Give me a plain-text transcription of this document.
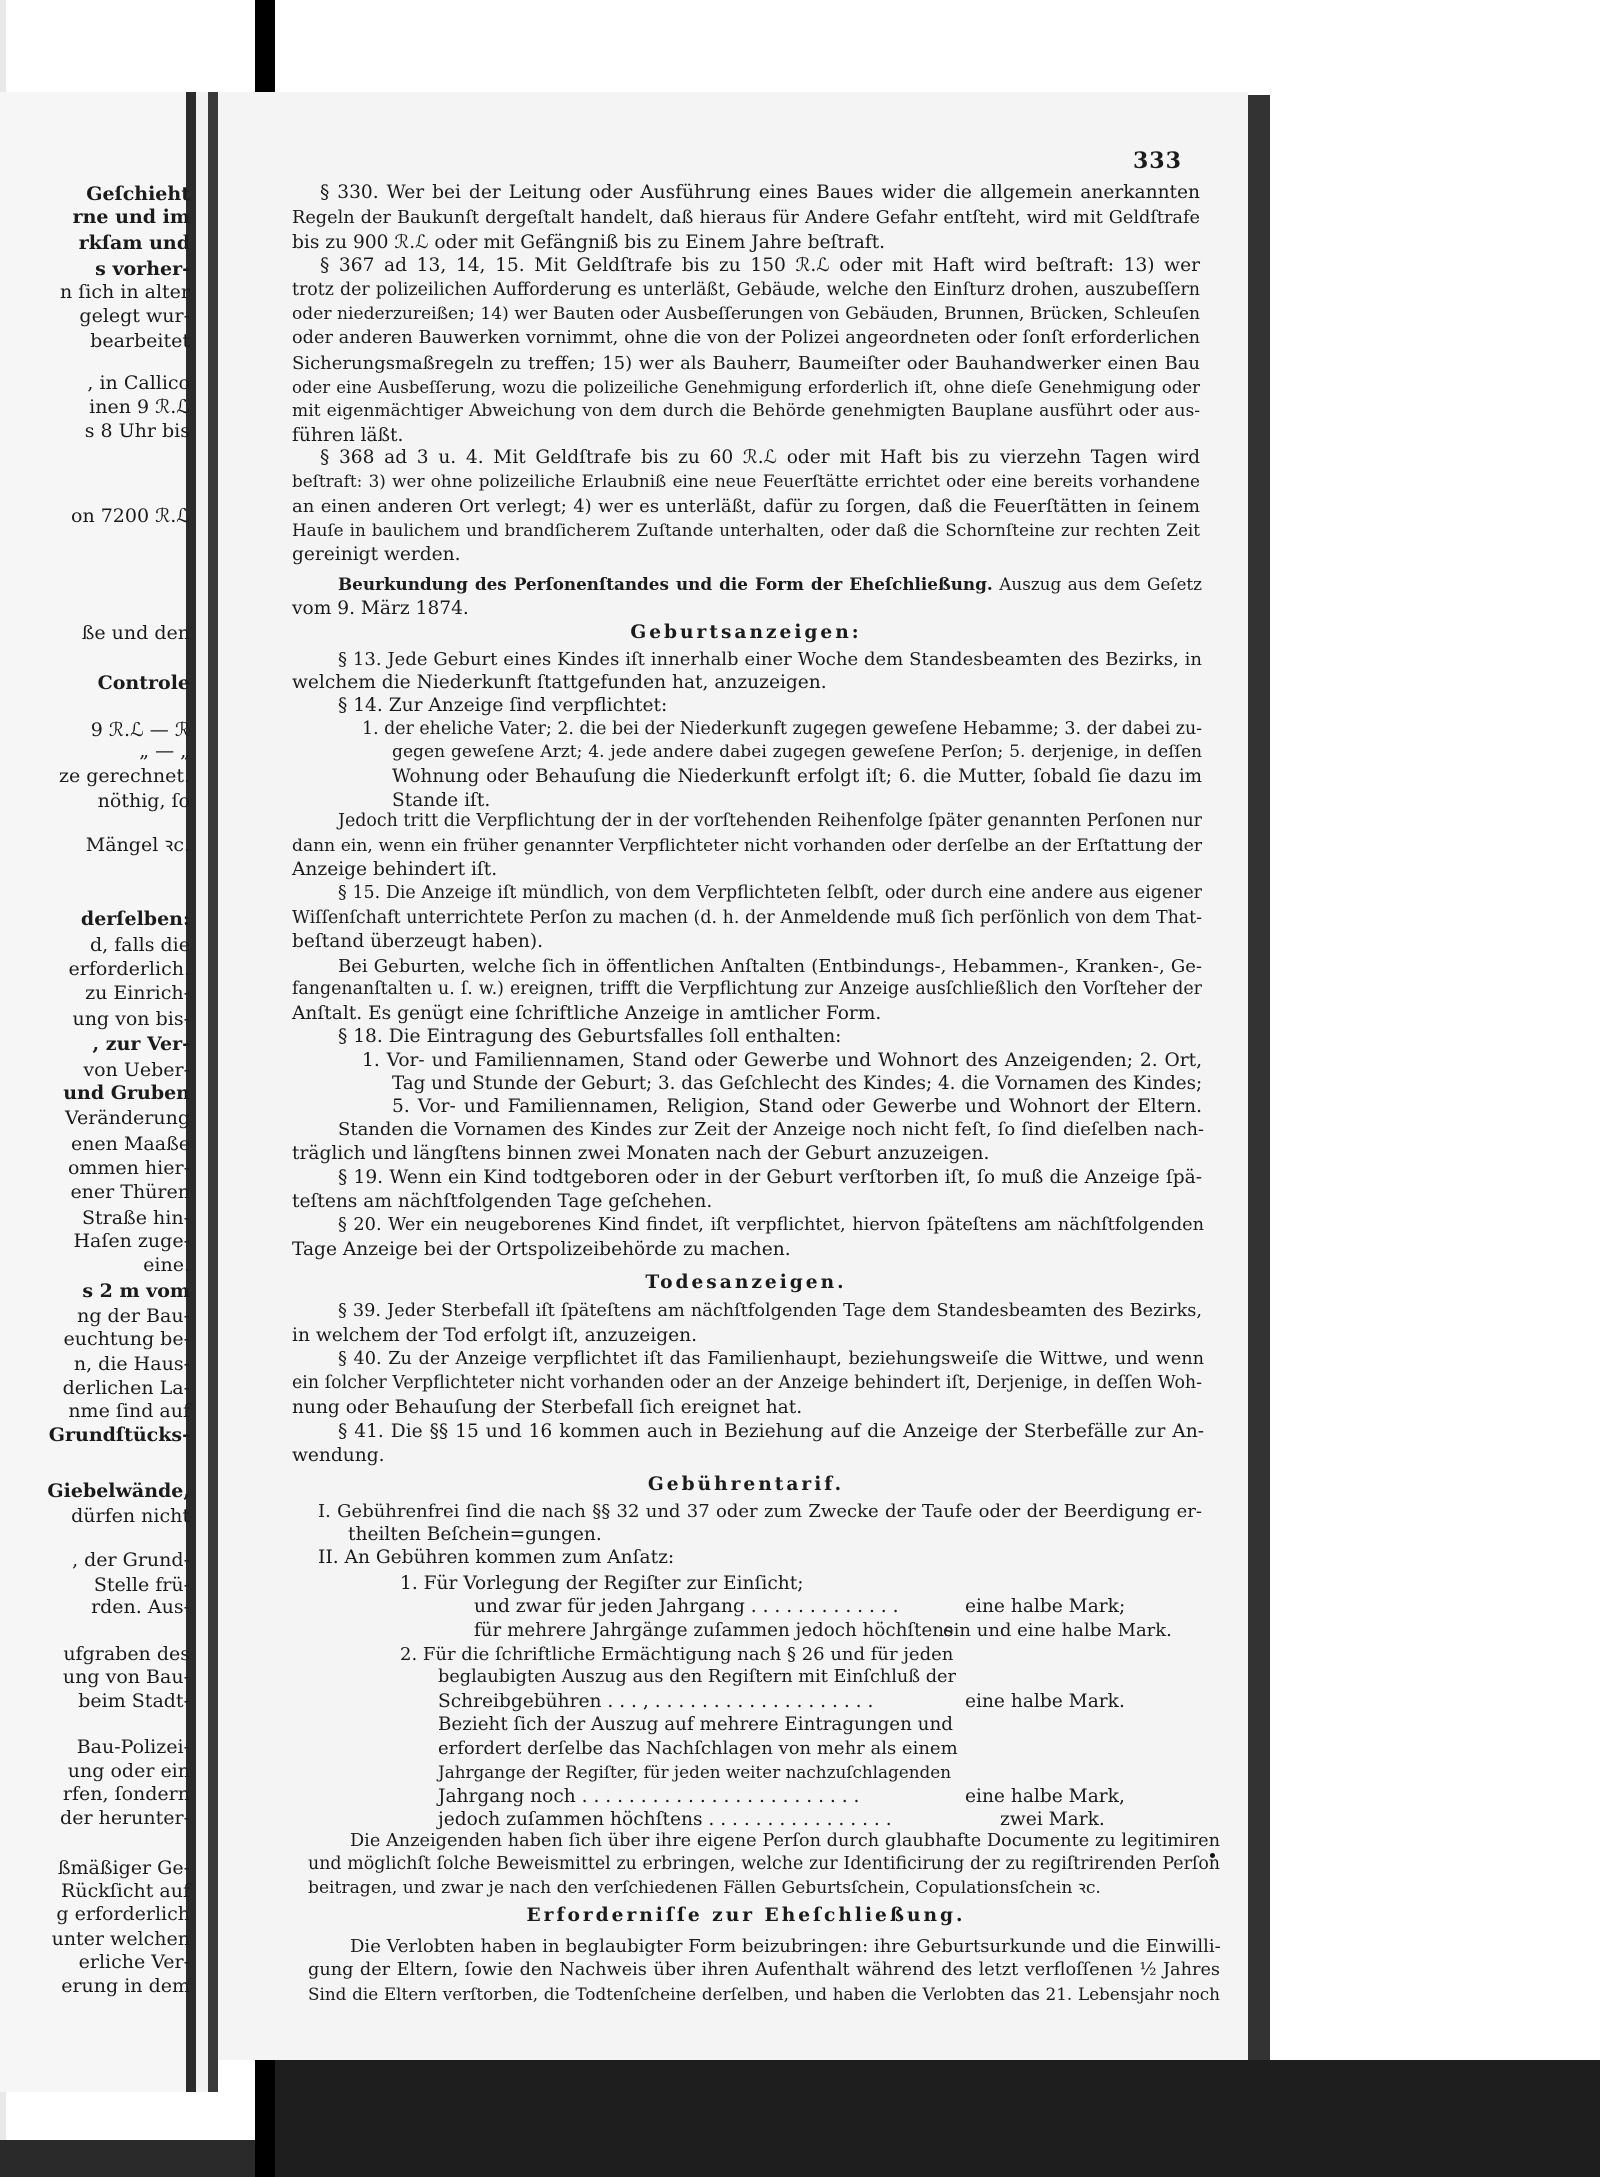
333
Geſchieht
rne und im
rkſam und
s vorher-
n ſich in alter
gelegt wur-
bearbeitet
, in Callico
inen 9 ℛ.ℒ
s 8 Uhr bis
on 7200 ℛ.ℒ
ße und den
Controle
9 ℛ.ℒ — ℛ
„ — „
ze gerechnet.
nöthig, ſo
Mängel ꝛc.
derſelben:
d, falls die
erforderlich.
zu Einrich-
ung von bis-
, zur Ver-
von Ueber-
und Gruben
Veränderung
enen Maaße
ommen hier-
ener Thüren
Straße hin-
Haſen zuge-
eine.
s 2 m vom
ng der Bau-
euchtung be-
n, die Haus-
derlichen La-
nme ſind auf
Grundſtücks-
Giebelwände,
dürfen nicht
, der Grund-
Stelle frü-
rden. Aus-
ufgraben des
ung von Bau-
beim Stadt-
Bau-Polizei-
ung oder ein
rfen, ſondern
der herunter-
ßmäßiger Ge-
Rückſicht auf
g erforderlich
unter welchen
erliche Ver-
erung in dem
§ 330. Wer bei der Leitung oder Ausführung eines Baues wider die allgemein anerkannten
Regeln der Baukunſt dergeſtalt handelt, daß hieraus für Andere Gefahr entſteht, wird mit Geldſtrafe
bis zu 900 ℛ.ℒ oder mit Gefängniß bis zu Einem Jahre beſtraft.
§ 367 ad 13, 14, 15. Mit Geldſtrafe bis zu 150 ℛ.ℒ oder mit Haft wird beſtraft: 13) wer
trotz der polizeilichen Aufforderung es unterläßt, Gebäude, welche den Einſturz drohen, auszubeſſern
oder niederzureißen; 14) wer Bauten oder Ausbeſſerungen von Gebäuden, Brunnen, Brücken, Schleuſen
oder anderen Bauwerken vornimmt, ohne die von der Polizei angeordneten oder ſonſt erforderlichen
Sicherungsmaßregeln zu treffen; 15) wer als Bauherr, Baumeiſter oder Bauhandwerker einen Bau
oder eine Ausbeſſerung, wozu die polizeiliche Genehmigung erforderlich iſt, ohne dieſe Genehmigung oder
mit eigenmächtiger Abweichung von dem durch die Behörde genehmigten Bauplane ausführt oder aus-
führen läßt.
§ 368 ad 3 u. 4. Mit Geldſtrafe bis zu 60 ℛ.ℒ oder mit Haft bis zu vierzehn Tagen wird
beſtraft: 3) wer ohne polizeiliche Erlaubniß eine neue Feuerſtätte errichtet oder eine bereits vorhandene
an einen anderen Ort verlegt; 4) wer es unterläßt, dafür zu ſorgen, daß die Feuerſtätten in ſeinem
Hauſe in baulichem und brandſicherem Zuſtande unterhalten, oder daß die Schornſteine zur rechten Zeit
gereinigt werden.
Beurkundung des Perſonenſtandes und die Form der Eheſchließung. Auszug aus dem Geſetz
vom 9. März 1874.
Geburtsanzeigen:
§ 13. Jede Geburt eines Kindes iſt innerhalb einer Woche dem Standesbeamten des Bezirks, in
welchem die Niederkunft ſtattgefunden hat, anzuzeigen.
§ 14. Zur Anzeige ſind verpflichtet:
1. der eheliche Vater; 2. die bei der Niederkunft zugegen geweſene Hebamme; 3. der dabei zu-
gegen geweſene Arzt; 4. jede andere dabei zugegen geweſene Perſon; 5. derjenige, in deſſen
Wohnung oder Behauſung die Niederkunft erfolgt iſt; 6. die Mutter, ſobald ſie dazu im
Stande iſt.
Jedoch tritt die Verpflichtung der in der vorſtehenden Reihenfolge ſpäter genannten Perſonen nur
dann ein, wenn ein früher genannter Verpflichteter nicht vorhanden oder derſelbe an der Erſtattung der
Anzeige behindert iſt.
§ 15. Die Anzeige iſt mündlich, von dem Verpflichteten ſelbſt, oder durch eine andere aus eigener
Wiſſenſchaft unterrichtete Perſon zu machen (d. h. der Anmeldende muß ſich perſönlich von dem That-
beſtand überzeugt haben).
Bei Geburten, welche ſich in öffentlichen Anſtalten (Entbindungs-, Hebammen-, Kranken-, Ge-
fangenanſtalten u. ſ. w.) ereignen, trifft die Verpflichtung zur Anzeige ausſchließlich den Vorſteher der
Anſtalt. Es genügt eine ſchriftliche Anzeige in amtlicher Form.
§ 18. Die Eintragung des Geburtsfalles ſoll enthalten:
1. Vor- und Familiennamen, Stand oder Gewerbe und Wohnort des Anzeigenden; 2. Ort,
Tag und Stunde der Geburt; 3. das Geſchlecht des Kindes; 4. die Vornamen des Kindes;
5. Vor- und Familiennamen, Religion, Stand oder Gewerbe und Wohnort der Eltern.
Standen die Vornamen des Kindes zur Zeit der Anzeige noch nicht feſt, ſo ſind dieſelben nach-
träglich und längſtens binnen zwei Monaten nach der Geburt anzuzeigen.
§ 19. Wenn ein Kind todtgeboren oder in der Geburt verſtorben iſt, ſo muß die Anzeige ſpä-
teſtens am nächſtfolgenden Tage geſchehen.
§ 20. Wer ein neugeborenes Kind findet, iſt verpflichtet, hiervon ſpäteſtens am nächſtfolgenden
Tage Anzeige bei der Ortspolizeibehörde zu machen.
Todesanzeigen.
§ 39. Jeder Sterbefall iſt ſpäteſtens am nächſtfolgenden Tage dem Standesbeamten des Bezirks,
in welchem der Tod erfolgt iſt, anzuzeigen.
§ 40. Zu der Anzeige verpflichtet iſt das Familienhaupt, beziehungsweiſe die Wittwe, und wenn
ein ſolcher Verpflichteter nicht vorhanden oder an der Anzeige behindert iſt, Derjenige, in deſſen Woh-
nung oder Behauſung der Sterbefall ſich ereignet hat.
§ 41. Die §§ 15 und 16 kommen auch in Beziehung auf die Anzeige der Sterbefälle zur An-
wendung.
Gebührentarif.
I. Gebührenfrei ſind die nach §§ 32 und 37 oder zum Zwecke der Taufe oder der Beerdigung er-
theilten Beſchein=gungen.
II. An Gebühren kommen zum Anſatz:
1. Für Vorlegung der Regiſter zur Einſicht;
und zwar für jeden Jahrgang . . . . . . . . . . . . .	eine halbe Mark;
für mehrere Jahrgänge zuſammen jedoch höchſtens
ein und eine halbe Mark.
2. Für die ſchriftliche Ermächtigung nach § 26 und für jeden
beglaubigten Auszug aus den Regiſtern mit Einſchluß der
Schreibgebühren . . . , . . . . . . . . . . . . . . . . . . .	eine halbe Mark.
Bezieht ſich der Auszug auf mehrere Eintragungen und
erfordert derſelbe das Nachſchlagen von mehr als einem
Jahrgange der Regiſter, für jeden weiter nachzuſchlagenden
Jahrgang noch . . . . . . . . . . . . . . . . . . . . . . . .	eine halbe Mark,
jedoch zuſammen höchſtens . . . . . . . . . . . . . . . .	zwei Mark.
Die Anzeigenden haben ſich über ihre eigene Perſon durch glaubhafte Documente zu legitimiren
und möglichſt ſolche Beweismittel zu erbringen, welche zur Identificirung der zu regiſtrirenden Perſon
beitragen, und zwar je nach den verſchiedenen Fällen Geburtsſchein, Copulationsſchein ꝛc.
Erforderniſſe zur Eheſchließung.
Die Verlobten haben in beglaubigter Form beizubringen: ihre Geburtsurkunde und die Einwilli-
gung der Eltern, ſowie den Nachweis über ihren Aufenthalt während des letzt verfloſſenen ½ Jahres
Sind die Eltern verſtorben, die Todtenſcheine derſelben, und haben die Verlobten das 21. Lebensjahr noch
